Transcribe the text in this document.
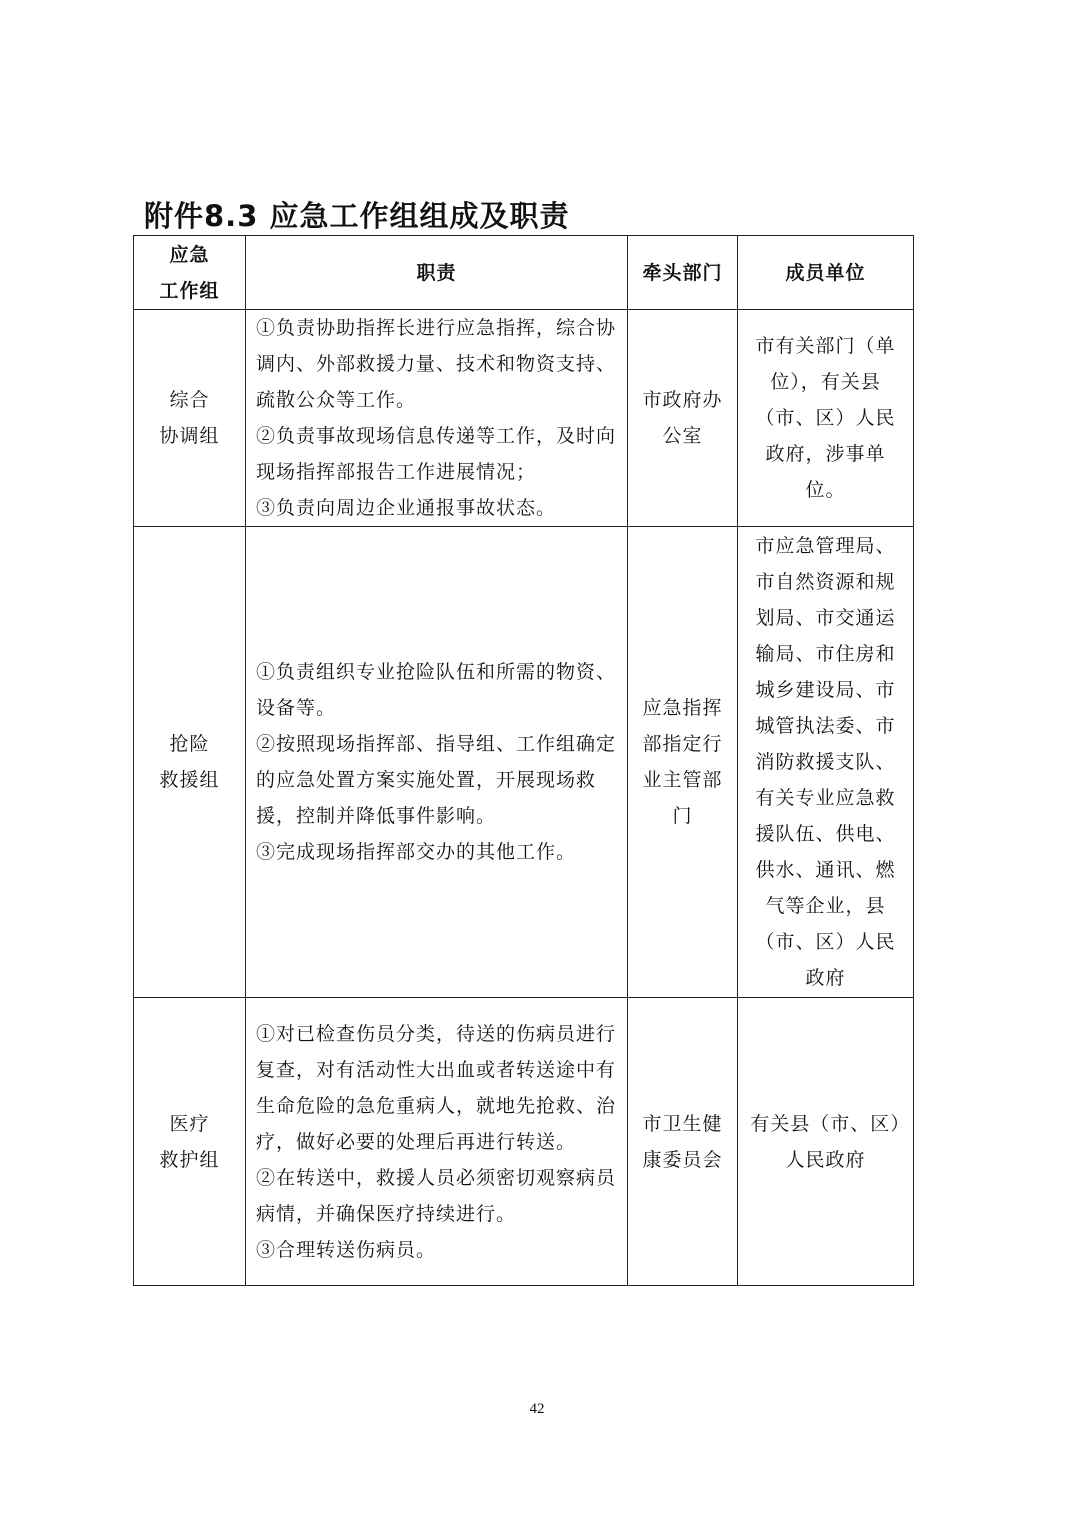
附件8.3 应急工作组组成及职责
应急
工作组	职责	牵头部门	成员单位

综合
协调组	①负责协助指挥长进行应急指挥，综合协调内、外部救援力量、技术和物资支持、疏散公众等工作。
②负责事故现场信息传递等工作，及时向现场指挥部报告工作进展情况；
③负责向周边企业通报事故状态。	市政府办公室	市有关部门（单位），有关县（市、区）人民政府，涉事单位。

抢险
救援组	①负责组织专业抢险队伍和所需的物资、设备等。
②按照现场指挥部、指导组、工作组确定的应急处置方案实施处置，开展现场救援，控制并降低事件影响。
③完成现场指挥部交办的其他工作。	应急指挥部指定行业主管部门	市应急管理局、市自然资源和规划局、市交通运输局、市住房和城乡建设局、市城管执法委、市消防救援支队、有关专业应急救援队伍、供电、供水、通讯、燃气等企业，县（市、区）人民政府

医疗
救护组	①对已检查伤员分类，待送的伤病员进行复查，对有活动性大出血或者转送途中有生命危险的急危重病人，就地先抢救、治疗，做好必要的处理后再进行转送。
②在转送中，救援人员必须密切观察病员病情，并确保医疗持续进行。
③合理转送伤病员。	市卫生健康委员会	有关县（市、区）人民政府
42
